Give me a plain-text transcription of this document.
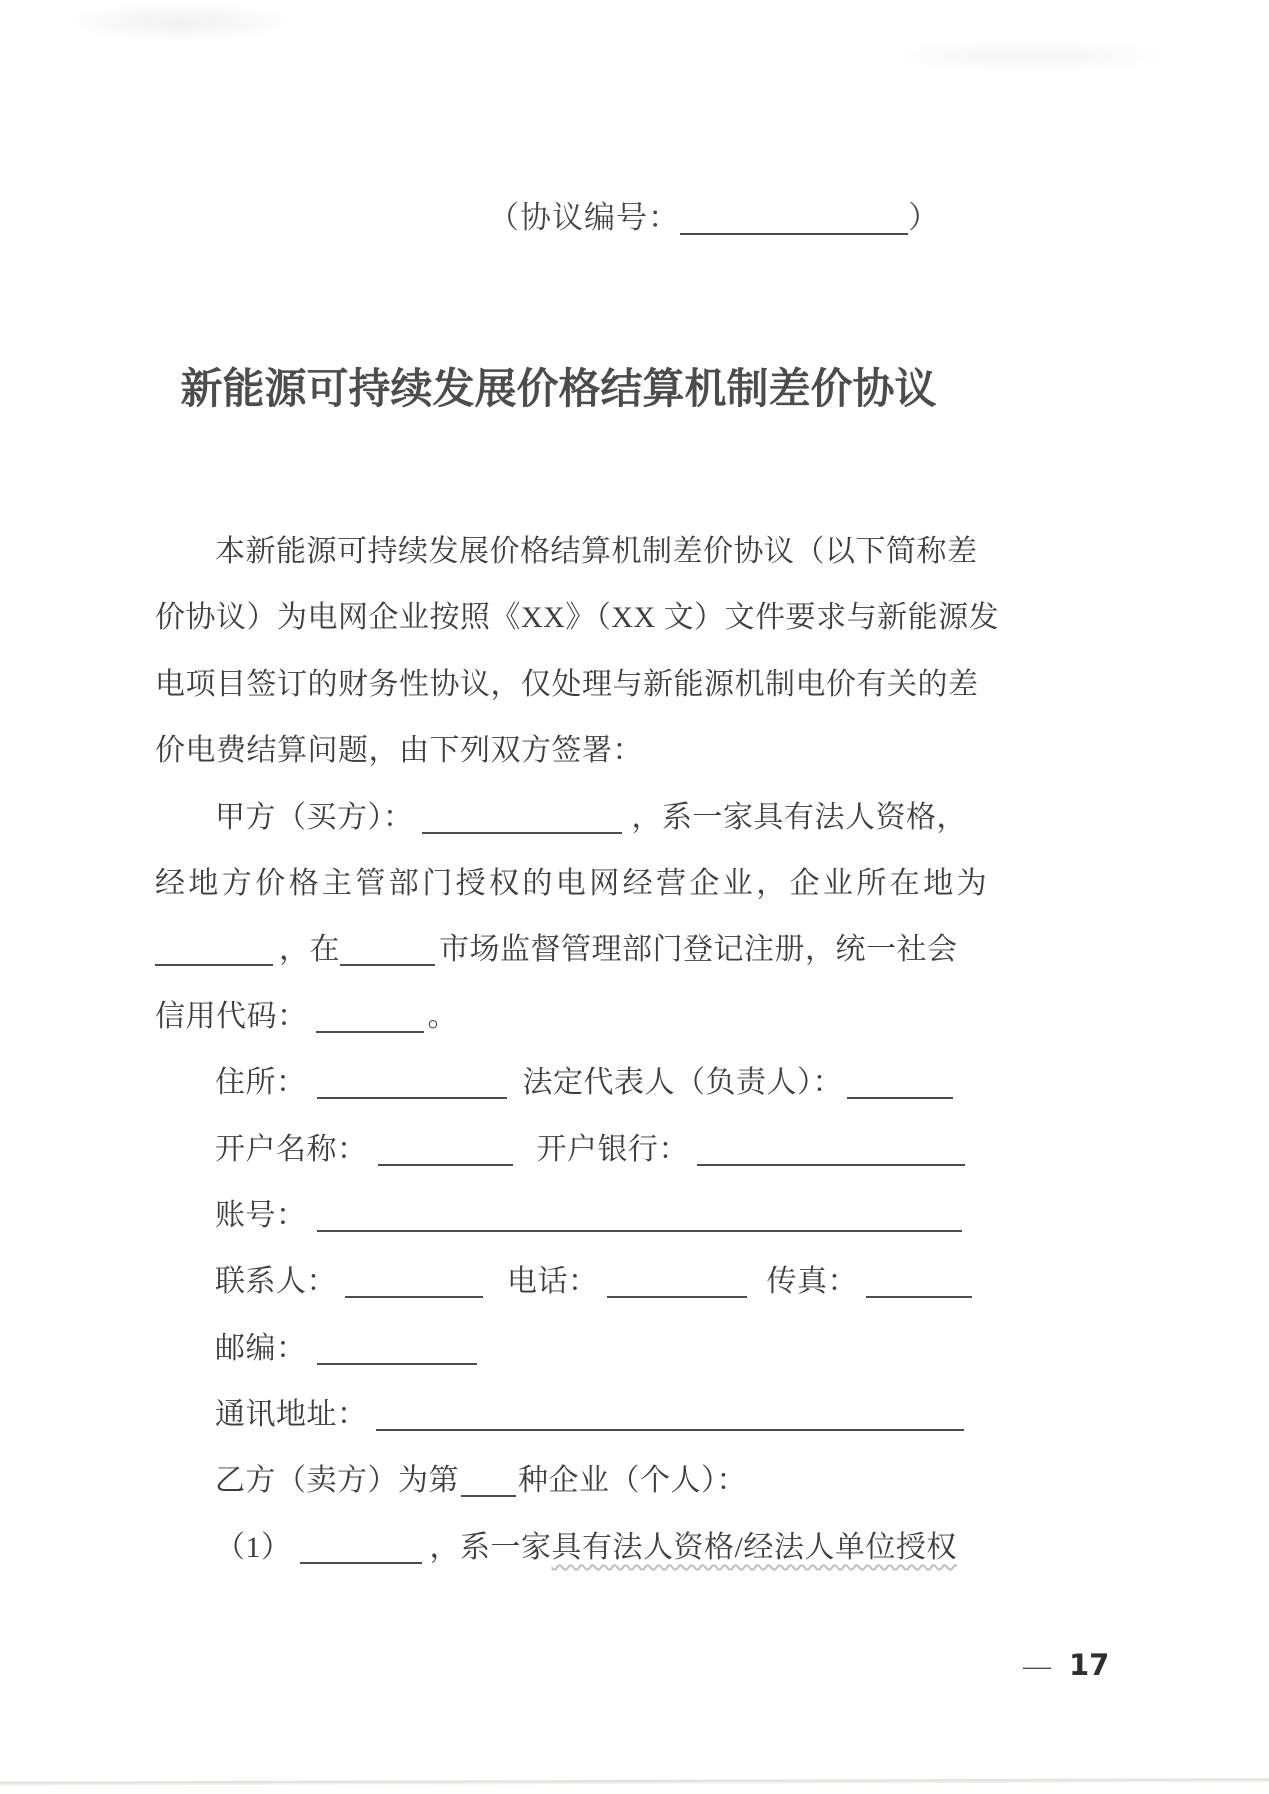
（协议编号：	）
新能源可持续发展价格结算机制差价协议
本新能源可持续发展价格结算机制差价协议（以下简称差
价协议）为电网企业按照《XX》（XX 文）文件要求与新能源发
电项目签订的财务性协议，仅处理与新能源机制电价有关的差
价电费结算问题，由下列双方签署：
甲方（买方）：	，系一家具有法人资格，
经地方价格主管部门授权的电网经营企业，企业所在地为
，在	市场监督管理部门登记注册，统一社会
信用代码：	。
住所：	法定代表人（负责人）：
开户名称：	开户银行：
账号：
联系人：	电话：	传真：
邮编：
通讯地址：
乙方（卖方）为第 种企业（个人）：
（1）	，系一家具有法人资格/经法人单位授权
— 17
